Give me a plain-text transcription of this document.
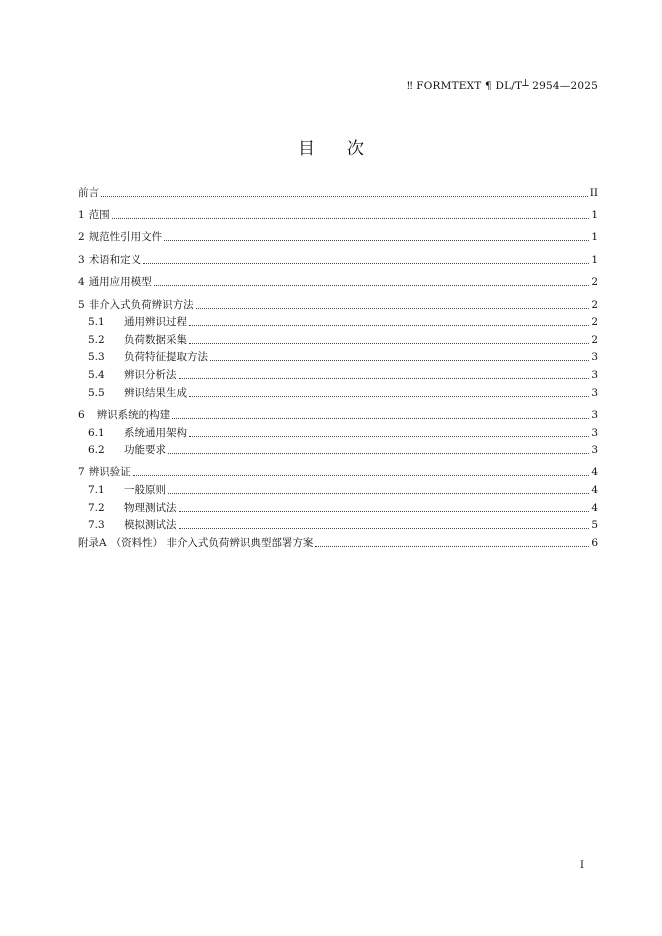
‼ FORMTEXT ¶ DL/T┴ 2954—2025
目次
前言	II
1 范围	1
2 规范性引用文件	1
3 术语和定义	1
4 通用应用模型	2
5 非介入式负荷辨识方法	2
5.1	通用辨识过程	2
5.2	负荷数据采集	2
5.3	负荷特征提取方法	3
5.4	辨识分析法	3
5.5	辨识结果生成	3
6	辨识系统的构建	3
6.1	系统通用架构	3
6.2	功能要求	3
7 辨识验证	4
7.1	一般原则	4
7.2	物理测试法	4
7.3	模拟测试法	5
附录A （资料性） 非介入式负荷辨识典型部署方案	6
I
